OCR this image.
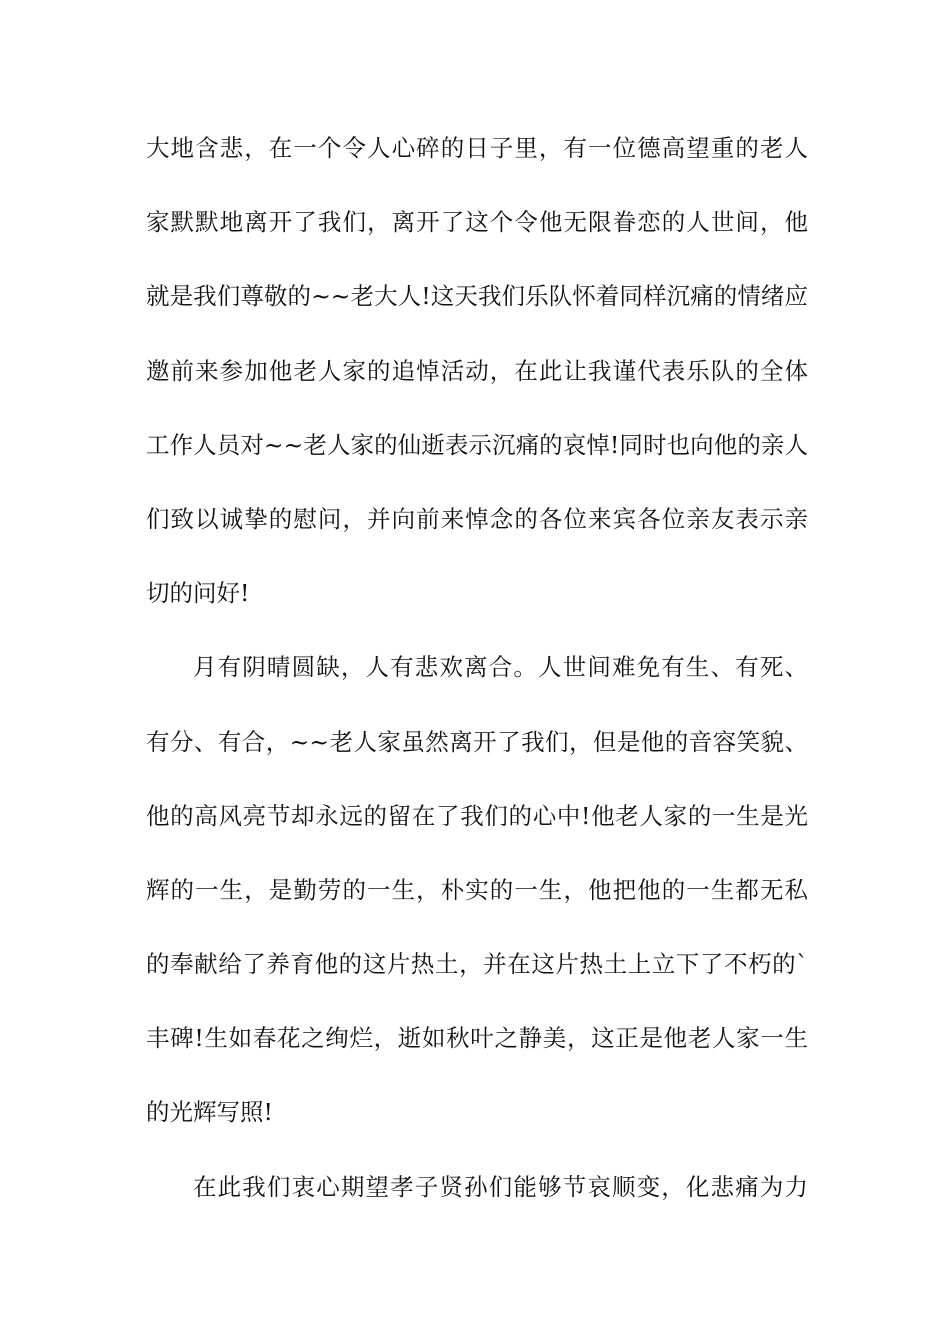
大地含悲，在一个令人心碎的日子里，有一位德高望重的老人
家默默地离开了我们，离开了这个令他无限眷恋的人世间，他
就是我们尊敬的~~老大人!这天我们乐队怀着同样沉痛的情绪应
邀前来参加他老人家的追悼活动，在此让我谨代表乐队的全体
工作人员对~~老人家的仙逝表示沉痛的哀悼!同时也向他的亲人
们致以诚挚的慰问，并向前来悼念的各位来宾各位亲友表示亲
切的问好!
月有阴晴圆缺，人有悲欢离合。人世间难免有生、有死、
有分、有合，~~老人家虽然离开了我们，但是他的音容笑貌、
他的高风亮节却永远的留在了我们的心中!他老人家的一生是光
辉的一生，是勤劳的一生，朴实的一生，他把他的一生都无私
的奉献给了养育他的这片热土，并在这片热土上立下了不朽的`
丰碑!生如春花之绚烂，逝如秋叶之静美，这正是他老人家一生
的光辉写照!
在此我们衷心期望孝子贤孙们能够节哀顺变，化悲痛为力
